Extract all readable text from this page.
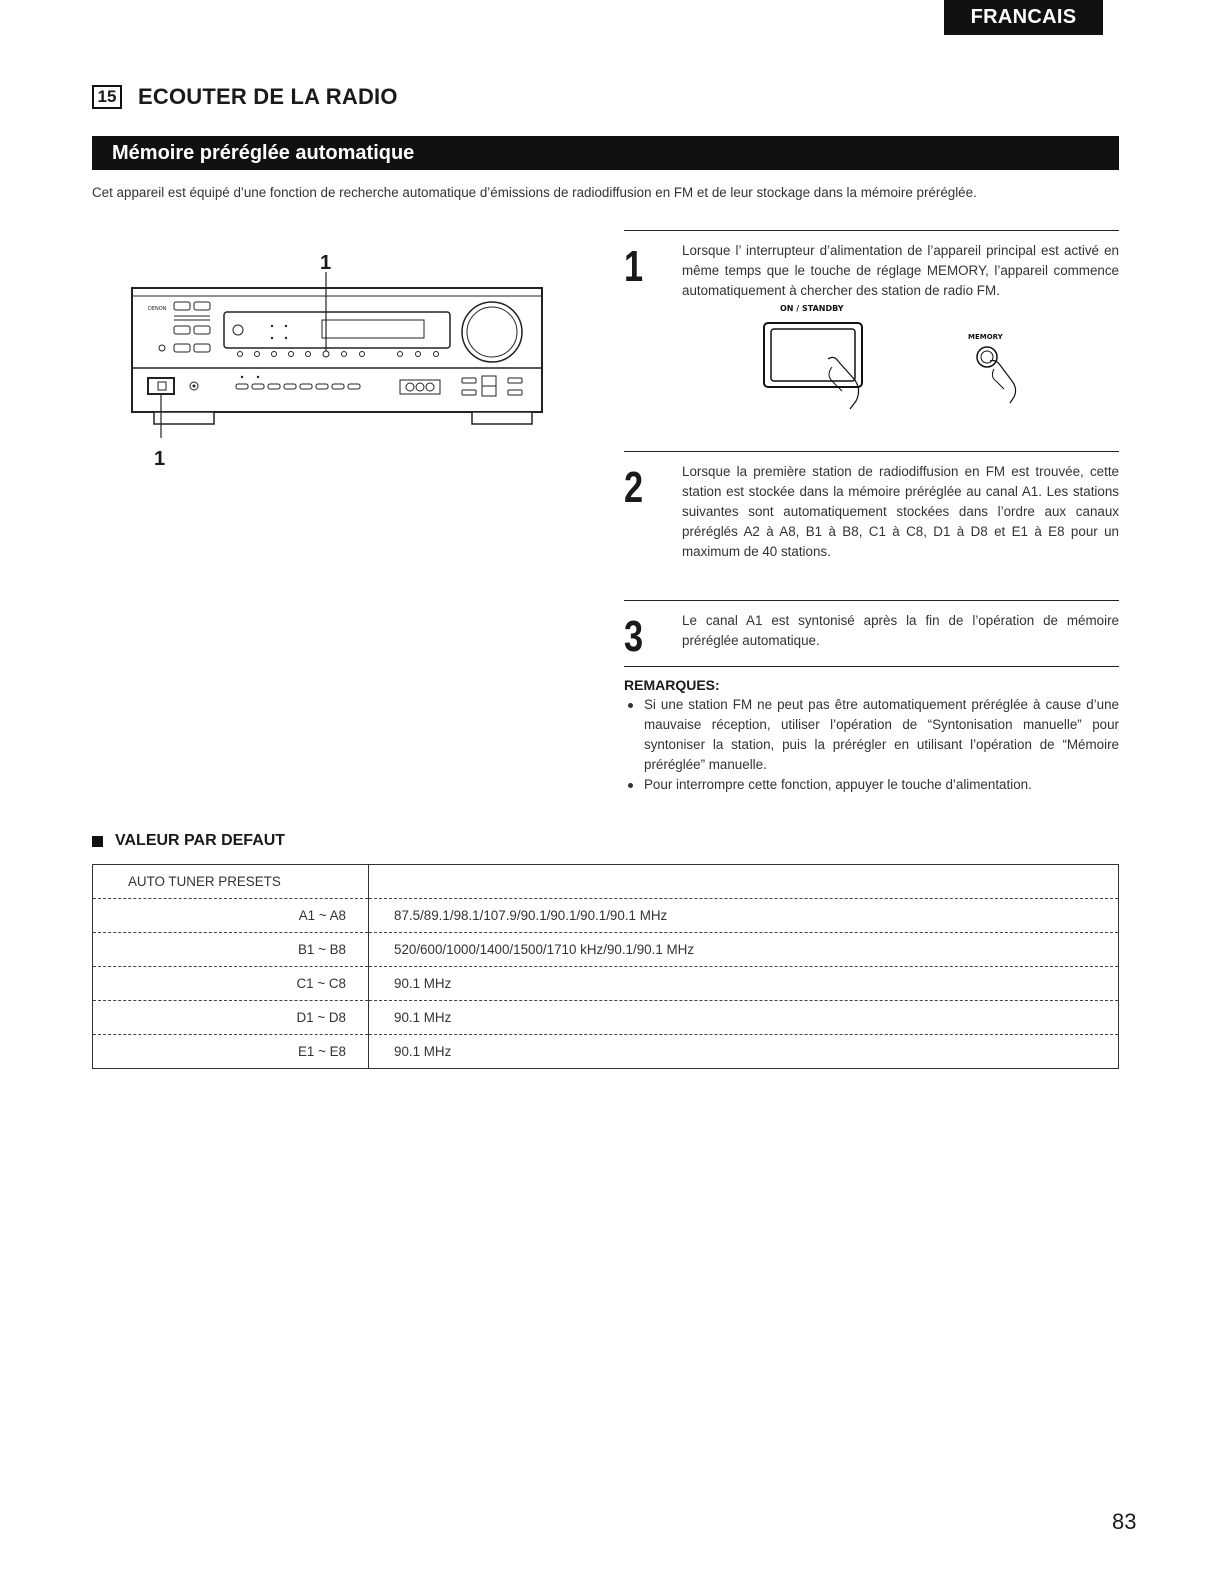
FRANCAIS
15 ECOUTER DE LA RADIO
Mémoire préréglée automatique
Cet appareil est équipé d’une fonction de recherche automatique d’émissions de radiodiffusion en FM et de leur stockage dans la mémoire préréglée.
DENON
1
1
1	Lorsque l’ interrupteur d’alimentation de l’appareil principal est activé en même temps que le touche de réglage MEMORY, l’appareil commence automatiquement à chercher des station de radio FM.
ON / STANDBY
MEMORY
2	Lorsque la première station de radiodiffusion en FM est trouvée, cette station est stockée dans la mémoire préréglée au canal A1. Les stations suivantes sont automatiquement stockées dans l’ordre aux canaux préréglés A2 à A8, B1 à B8, C1 à C8, D1 à D8 et E1 à E8 pour un maximum de 40 stations.
3	Le canal A1 est syntonisé après la fin de l’opération de mémoire préréglée automatique.
REMARQUES:
Si une station FM ne peut pas être automatiquement préréglée à cause d’une mauvaise réception, utiliser l’opération de “Syntonisation manuelle” pour syntoniser la station, puis la prérégler en utilisant l’opération de “Mémoire préréglée” manuelle.
Pour interrompre cette fonction, appuyer le touche d’alimentation.
VALEUR PAR DEFAUT
AUTO TUNER PRESETS	
A1 ~ A8	87.5/89.1/98.1/107.9/90.1/90.1/90.1/90.1 MHz
B1 ~ B8	520/600/1000/1400/1500/1710 kHz/90.1/90.1 MHz
C1 ~ C8	90.1 MHz
D1 ~ D8	90.1 MHz
E1 ~ E8	90.1 MHz
83
